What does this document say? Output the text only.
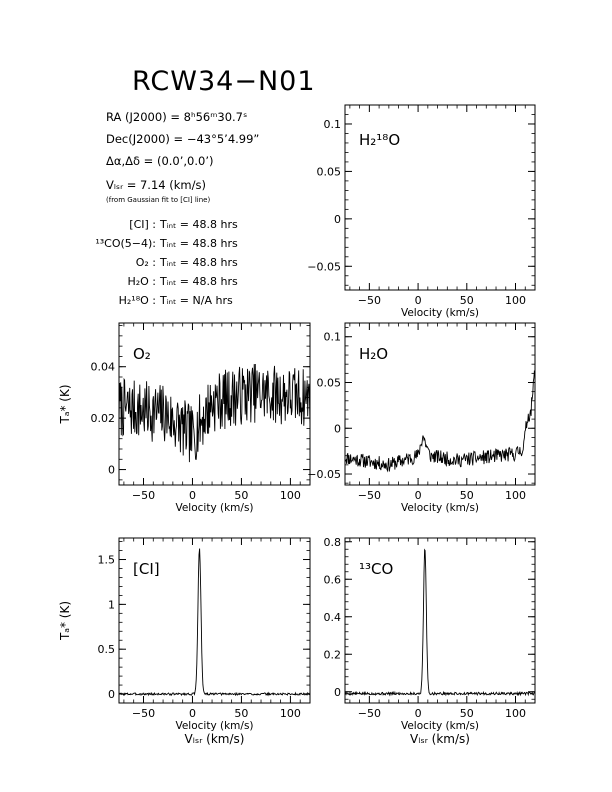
RCW34−N01
RA (J2000) = 8ʰ56ᵐ30.7ˢ
Dec(J2000) = −43°5’4.99”
Δα,Δδ = (0.0’,0.0’)
Vₗₛᵣ = 7.14 (km/s)
(from Gaussian fit to [CI] line)
[CI] : Tᵢₙₜ = 48.8 hrs
¹³CO(5−4): Tᵢₙₜ = 48.8 hrs
O₂ : Tᵢₙₜ = 48.8 hrs
H₂O : Tᵢₙₜ = 48.8 hrs
H₂¹⁸O : Tᵢₙₜ = N/A hrs	−50	0	50	100
−0.05
0
0.05
0.1
Velocity (km/s)
H₂¹⁸O
−50	0	50	100
0
0.02
0.04
Velocity (km/s)
Tₐ* (K)
O₂
−50	0	50	100
−0.05
0
0.05
0.1
Velocity (km/s)
H₂O
−50	0	50	100
0
0.5
1
1.5
Velocity (km/s)
Vₗₛᵣ (km/s)
Tₐ* (K)
[CI]
−50	0	50	100
0
0.2
0.4
0.6
0.8
Velocity (km/s)
Vₗₛᵣ (km/s)
¹³CO
